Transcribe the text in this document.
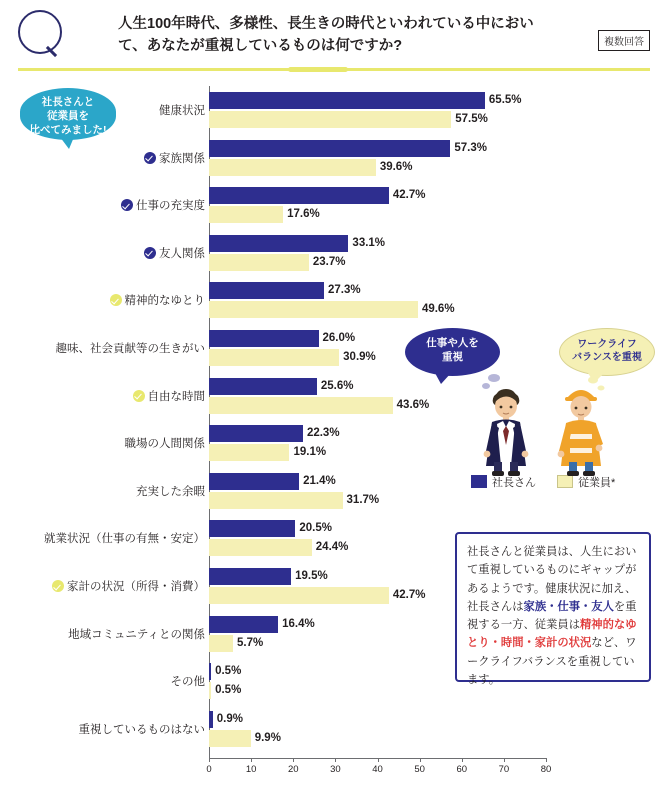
人生100年時代、多様性、長生きの時代といわれている中において、あなたが重視しているものは何ですか?	複数回答
社長さんと
従業員を
比べてみました!
0	10	20	30	40	50	60	70	80
健康状況
65.5%
57.5%
家族関係
57.3%
39.6%
仕事の充実度
42.7%
17.6%
友人関係
33.1%
23.7%
精神的なゆとり
27.3%
49.6%
趣味、社会貢献等の生きがい
26.0%
30.9%
自由な時間
25.6%
43.6%
職場の人間関係
22.3%
19.1%
充実した余暇
21.4%
31.7%
就業状況（仕事の有無・安定）
20.5%
24.4%
家計の状況（所得・消費）
19.5%
42.7%
地域コミュニティとの関係
16.4%
5.7%
その他
0.5%
0.5%
重視しているものはない
0.9%
9.9%
社長さん	従業員*
仕事や人を
重視
ワークライフ
バランスを重視
社長さんと従業員は、人生において重視しているものにギャップがあるようです。健康状況に加え、社長さんは家族・仕事・友人を重視する一方、従業員は精神的なゆとり・時間・家計の状況など、ワークライフバランスを重視しています。
